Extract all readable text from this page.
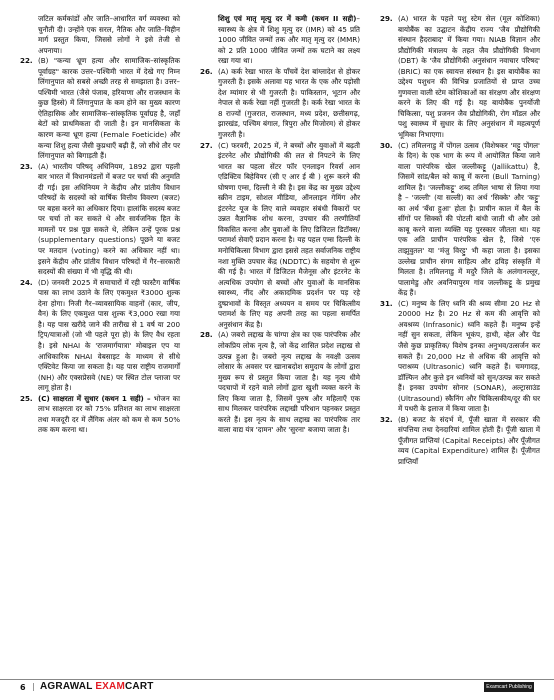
जटिल कर्मकांडों और जाति–आधारित वर्ग व्यवस्था को चुनौती दी। उन्होंने एक सरल, नैतिक और जाति–विहीन मार्ग प्रस्तुत किया, जिससे लोगों ने इसे तेजी से अपनाया।

22. (B) "कन्या भ्रूण हत्या और सामाजिक–सांस्कृतिक पूर्वाग्रह" कारक उत्तर–पश्चिमी भारत में देखे गए निम्न लिंगानुपात को सबसे अच्छी तरह से समझाता है। उत्तर–पश्चिमी भारत (जैसे पंजाब, हरियाणा और राजस्थान के कुछ हिस्से) में लिंगानुपात के कम होने का मुख्य कारण ऐतिहासिक और सामाजिक–सांस्कृतिक पूर्वाग्रह है, जहाँ बेटों को प्राथमिकता दी जाती है। इन मानसिकता के कारण कन्या भ्रूण हत्या (Female Foeticide) और कन्या शिशु हत्या जैसी कुप्रथाएँ बढ़ी हैं, जो सीधे तौर पर लिंगानुपात को बिगाड़ती हैं।

23. (A) भारतीय परिषद् अधिनियम, 1892 द्वारा पहली बार भारत में विधानमंडलों में बजट पर चर्चा की अनुमति दी गई। इस अधिनियम ने केंद्रीय और प्रांतीय विधान परिषदों के सदस्यों को वार्षिक वित्तीय विवरण (बजट) पर बहस करने का अधिकार दिया। हालांकि सदस्य बजट पर चर्चा तो कर सकते थे और सार्वजनिक हित के मामलों पर प्रश्न पूछ सकते थे, लेकिन उन्हें पूरक प्रश्न (supplementary questions) पूछने या बजट पर मतदान (voting) करने का अधिकार नहीं था। इसने केंद्रीय और प्रांतीय विधान परिषदों में गैर–सरकारी सदस्यों की संख्या में भी वृद्धि की थी।

24. (D) जनवरी 2025 में समाचारों में रही फास्टैग वार्षिक पास का लाभ उठाने के लिए एकमुश्त ₹3000 शुल्क देना होगा। निजी गैर–व्यावसायिक वाहनों (कार, जीप, वैन) के लिए एकमुश्त पास शुल्क ₹3,000 रखा गया है। यह पास खरीदे जाने की तारीख से 1 वर्ष या 200 ट्रिप/यात्राओं (जो भी पहले पूरा हो) के लिए वैध रहता है। इसे NHAI के 'राजमार्गयात्रा' मोबाइल एप या आधिकारिक NHAI वेबसाइट के माध्यम से सीधे एक्टिवेट किया जा सकता है। यह पास राष्ट्रीय राजमार्गों (NH) और एक्सप्रेसवे (NE) पर स्थित टोल प्लाजा पर लागू होता है।

25. (C) साक्षरता में सुधार (कथन 1 सही) – भोजन का लाभ साक्षरता दर को 75% प्रतिशत का लाभ साक्षरता तथा मजदूरी दर में लैंगिक अंतर को कम से कम 50% तक कम करना था।

शिशु एवं मातृ मृत्यु दर में कमी (कथन II सही)– स्वास्थ्य के क्षेत्र में शिशु मृत्यु दर (IMR) को 45 प्रति 1000 जीवित जन्मों तक और मातृ मृत्यु दर (MMR) को 2 प्रति 1000 जीवित जन्मों तक घटाने का लक्ष्य रखा गया था।

26. (A) कर्क रेखा भारत के पाँचवें देश बांग्लादेश से होकर गुजरती है। इसके अलावा यह भारत के एक और पड़ोसी देश म्यांमार से भी गुजरती है। पाकिस्तान, भूटान और नेपाल से कर्क रेखा नहीं गुजरती है। कर्क रेखा भारत के 8 राज्यों (गुजरात, राजस्थान, मध्य प्रदेश, छत्तीसगढ़, झारखंड, पश्चिम बंगाल, त्रिपुरा और मिजोरम) से होकर गुजरती है।

27. (C) फरवरी, 2025 में, ने बच्चों और युवाओं में बढ़ती इंटरनेट और प्रौद्योगिकी की लत से निपटने के लिए भारत का पहला सेंटर फॉर एनलाइन रिवर्स आन एडिक्टिव बिहेवियर (सी ए आर ई बी ) शुरू करने की घोषणा एम्स, दिल्ली ने की है। इस केंद्र का मुख्य उद्देश्य स्क्रीन टाइम, सोशल मीडिया, ऑनलाइन गेमिंग और इंटरनेट यूज के लिए वाले व्यवहार संबंधी विकारों पर उन्नत वैज्ञानिक शोध करना, उपचार की तरणीतियाँ विकसित करना और युवाओं के लिए डिजिटल डिटॉक्स/परामर्श सेवाएँ प्रदान करना है। यह पहल एम्स दिल्ली के मनोचिकित्सा विभाग द्वारा इससे तहत सर्वाजनिक राष्ट्रीय नशा मुक्ति उपचार केंद्र (NDDTC) के सहयोग से शुरू की गई है। भारत में डिजिटल मैजेनूस और इंटरनेट के अत्यधिक उपयोग से बच्चों और युवाओं के मानसिक स्वास्थ्य, नींद और अकादमिक प्रदर्शन पर पड़ रहे दुष्प्रभावों के विस्तृत अध्ययन व समय पर चिकित्सीय परामर्श के लिए यह अपनी तरह का पहला समर्पित अनुसंधान केंद्र है।

28. (A) जबरो लद्दाख के चांग्पा क्षेत्र का एक पारंपरिक और लोकप्रिय लोक नृत्य है, जो केंद्र शासित प्रदेश लद्दाख से उत्पन्न हुआ है। जबरो नृत्य लद्दाख के नवक्षी उत्सव लोसार के अवसर पर खानाबदोश समुदाय के लोगों द्वारा मुख्य रूप से प्रस्तुत किया जाता है। यह नृत्य धीमे पदचापों में रहने वाले लोगों द्वारा खुशी व्यक्त करने के लिए किया जाता है, जिसमें पुरुष और महिलाएँ एक साथ मिलकर पारंपरिक लद्दाखी परिधान पहनकर प्रस्तुत करते हैं। इस नृत्य के साथ लद्दाख का पारंपरिक तार वाला वाद्य यंत्र 'दामन' और 'सुरना' बजाया जाता है।

29. (A) भारत के पहले पशु स्टेम सेल (मूल कोशिका) बायोबैंक का उद्घाटन केंद्रीय राज्य 'जैव प्रौद्योगिकी संस्थान हैदराबाद' में किया गया। NIAB विज्ञान और प्रौद्योगिकी मंत्रालय के तहत जैव प्रौद्योगिकी विभाग (DBT) के 'जैव प्रौद्योगिकी अनुसंधान नवाचार परिषद' (BRIC) का एक स्वायत्त संस्थान है। इस बायोबैंक का उद्देश्य पशुधन की विभिन्न प्रजातियों से प्राप्त उच्च गुणवत्ता वाली स्टेम कोशिकाओं का संरक्षण और संरक्षण करने के लिए की गई है। यह बायोबैंक पुनर्योजी चिकित्सा, पशु प्रजनन जैव प्रौद्योगिकी, रोग मॉडल और पशु स्वास्थ्य में सुधार के लिए अनुसंधान में महत्वपूर्ण भूमिका निभाएगा।

30. (C) तमिलनाडु में पोंगल उत्सव (विशेषकर 'मट्टू पोंगल' के दिन) के एक भाग के रूप में आयोजित किया जाने वाला पारंपरिक खेल जल्लीकट्टू (Jallikattu) है, जिसमें सांड/बैल को काबू में करना (Bull Taming) शामिल है। 'जल्लीकट्टू' शब्द तमिल भाषा से लिया गया है – 'जल्ली' (या सल्ली) का अर्थ 'सिक्के' और 'कट्टु' का अर्थ 'बँधा हुआ' होता है। प्राचीन काल में बैल के सींगों पर सिक्कों की पोटली बांधी जाती थी और उसे काबू करने वाला व्यक्ति यह पुरस्कार जीतता था। यह एक अति प्राचीन पारंपरिक खेल है, जिसे 'एरु ताझुवुतल' या 'मंजु विरट्टु' भी कहा जाता है। इसका उल्लेख प्राचीन संगम साहित्य और द्रविड़ संस्कृति में मिलता है। तमिलनाडु में मदुरै जिले के अलंगानल्लूर, पालामेडु और अवनियापुरम गांव जल्लीकट्टू के प्रमुख केंद्र हैं।

31. (C) मनुष्य के लिए ध्वनि की श्रव्य सीमा 20 Hz से 20000 Hz है। 20 Hz से कम की आवृत्ति को अवश्रव्य (Infrasonic) ध्वनि कहते हैं। मनुष्य इन्हें नहीं सुन सकता, लेकिन भूकंप, हाथी, व्हेल और पेंड जैसे कुछ प्राकृतिक/ विशेष इनका अनुभव/उत्सर्जन कर सकते हैं। 20,000 Hz से अधिक की आवृत्ति को पराश्रव्य (Ultrasonic) ध्वनि कहते हैं। चमगादड़, डॉल्फिन और कुत्ते इन ध्वनियों को सुन/उत्पन्न कर सकते हैं। इनका उपयोग सोनार (SONAR), अल्ट्रासाउंड (Ultrasound) स्कैनिंग और चिकित्सकीय/दूर की घर में पथरी के इलाज में किया जाता है।

32. (B) बजट के संदर्भ में, पूँजी खाता में सरकार की संपत्तिया तथा देनदारियां शामिल होती हैं। पूँजी खाता में पूँजीगत प्राप्तियां (Capital Receipts) और पूँजीगत व्यय (Capital Expenditure) शामिल हैं। पूँजीगत प्राप्तियाँ

6 | AGRAWAL EXAMCART	Examcart Publishing
